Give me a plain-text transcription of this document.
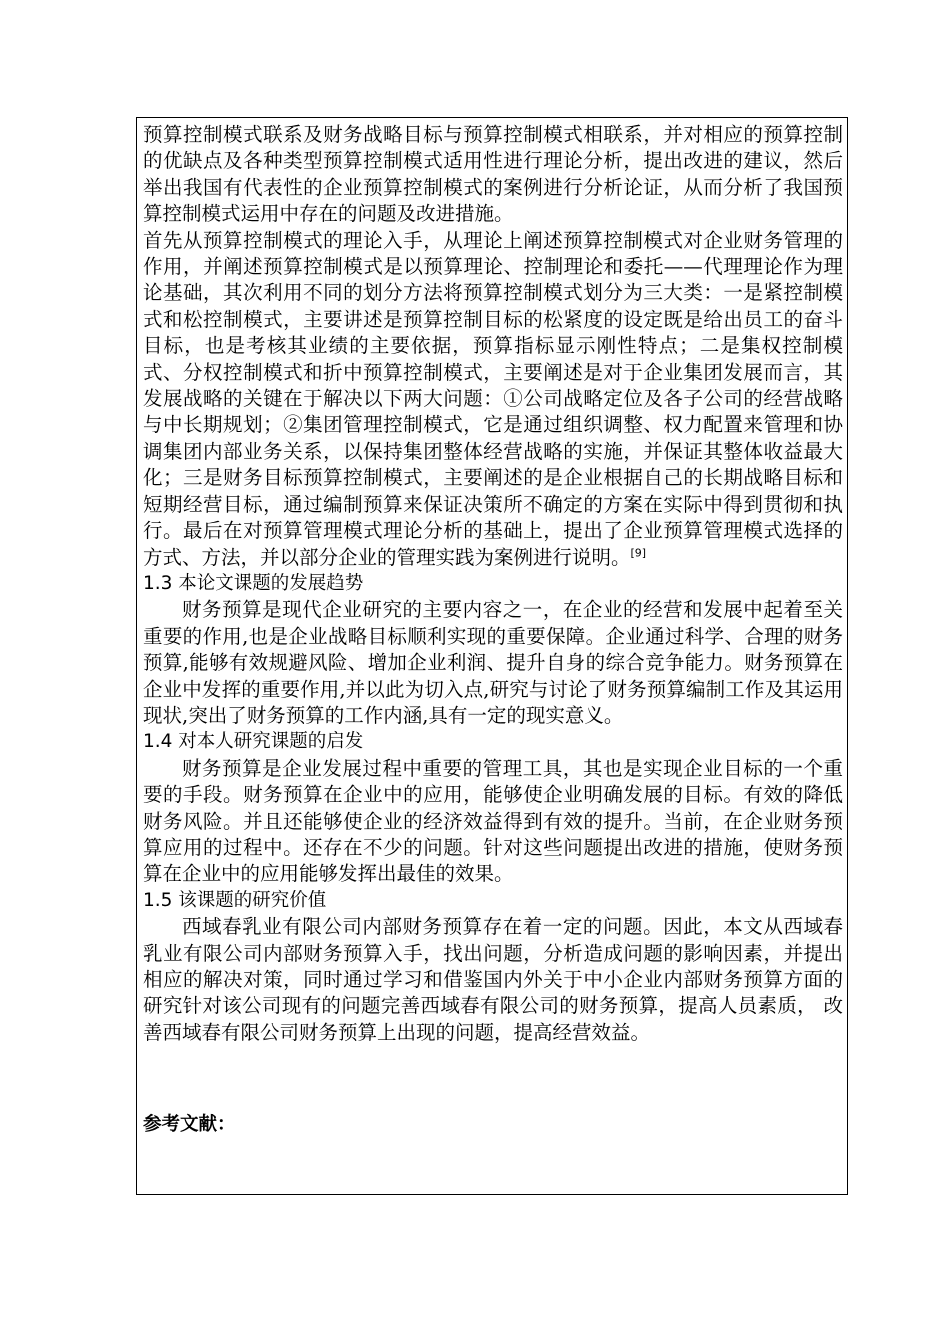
预算控制模式联系及财务战略目标与预算控制模式相联系，并对相应的预算控制的优缺点及各种类型预算控制模式适用性进行理论分析，提出改进的建议，然后举出我国有代表性的企业预算控制模式的案例进行分析论证，从而分析了我国预算控制模式运用中存在的问题及改进措施。

首先从预算控制模式的理论入手，从理论上阐述预算控制模式对企业财务管理的作用，并阐述预算控制模式是以预算理论、控制理论和委托——代理理论作为理论基础，其次利用不同的划分方法将预算控制模式划分为三大类：一是紧控制模式和松控制模式，主要讲述是预算控制目标的松紧度的设定既是给出员工的奋斗目标，也是考核其业绩的主要依据，预算指标显示刚性特点；二是集权控制模式、分权控制模式和折中预算控制模式，主要阐述是对于企业集团发展而言，其发展战略的关键在于解决以下两大问题：①公司战略定位及各子公司的经营战略与中长期规划；②集团管理控制模式，它是通过组织调整、权力配置来管理和协调集团内部业务关系，以保持集团整体经营战略的实施，并保证其整体收益最大化；三是财务目标预算控制模式，主要阐述的是企业根据自己的长期战略目标和短期经营目标，通过编制预算来保证决策所不确定的方案在实际中得到贯彻和执行。最后在对预算管理模式理论分析的基础上，提出了企业预算管理模式选择的方式、方法，并以部分企业的管理实践为案例进行说明。[9]

1.3 本论文课题的发展趋势

财务预算是现代企业研究的主要内容之一，在企业的经营和发展中起着至关重要的作用,也是企业战略目标顺利实现的重要保障。企业通过科学、合理的财务预算,能够有效规避风险、增加企业利润、提升自身的综合竞争能力。财务预算在企业中发挥的重要作用,并以此为切入点,研究与讨论了财务预算编制工作及其运用现状,突出了财务预算的工作内涵,具有一定的现实意义。

1.4 对本人研究课题的启发

财务预算是企业发展过程中重要的管理工具，其也是实现企业目标的一个重要的手段。财务预算在企业中的应用，能够使企业明确发展的目标。有效的降低财务风险。并且还能够使企业的经济效益得到有效的提升。当前，在企业财务预算应用的过程中。还存在不少的问题。针对这些问题提出改进的措施，使财务预算在企业中的应用能够发挥出最佳的效果。

1.5 该课题的研究价值

西域春乳业有限公司内部财务预算存在着一定的问题。因此，本文从西域春乳业有限公司内部财务预算入手，找出问题，分析造成问题的影响因素，并提出相应的解决对策，同时通过学习和借鉴国内外关于中小企业内部财务预算方面的研究针对该公司现有的问题完善西域春有限公司的财务预算，提高人员素质， 改善西域春有限公司财务预算上出现的问题，提高经营效益。

参考文献：
